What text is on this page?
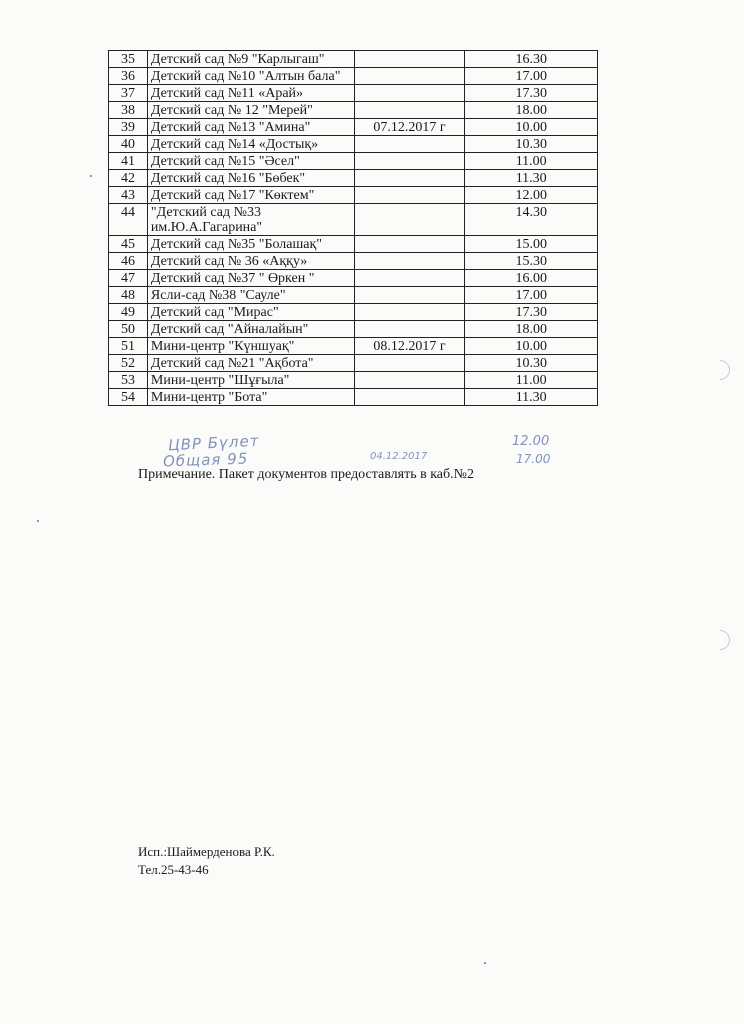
35	Детский сад №9 "Карлыгаш"		16.30
36	Детский сад №10 "Алтын бала"		17.00
37	Детский сад №11 «Арай»		17.30
38	Детский сад № 12 "Мерей"		18.00
39	Детский сад №13 "Амина"	07.12.2017 г	10.00
40	Детский сад №14 «Достық»		10.30
41	Детский сад №15 "Әсел"		11.00
42	Детский сад №16 "Бөбек"		11.30
43	Детский сад №17 "Көктем"		12.00
44	"Детский сад №33 им.Ю.А.Гагарина"		14.30
45	Детский сад №35 "Болашақ"		15.00
46	Детский сад № 36 «Аққу»		15.30
47	Детский сад №37 " Өркен "		16.00
48	Ясли-сад №38 "Сауле"		17.00
49	Детский сад "Мирас"		17.30
50	Детский сад "Айналайын"		18.00
51	Мини-центр "Күншуақ"	08.12.2017 г	10.00
52	Детский сад №21 "Ақбота"		10.30
53	Мини-центр "Шұғыла"		11.00
54	Мини-центр "Бота"		11.30
ЦВР Бүлет
Общая 95	04.12.2017
12.00
17.00
Примечание. Пакет документов предоставлять в каб.№2
Исп.:Шаймерденова Р.К.
Тел.25-43-46
